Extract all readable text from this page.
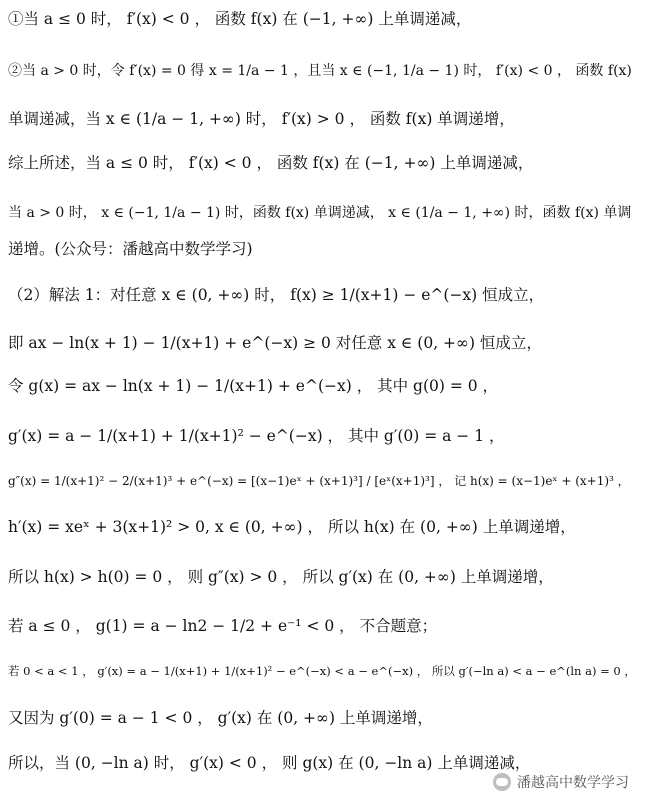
①当 a ≤ 0 时， f′(x) < 0 ， 函数 f(x) 在 (−1, +∞) 上单调递减，
②当 a > 0 时，令 f′(x) = 0 得 x = 1/a − 1 ，且当 x ∈ (−1, 1/a − 1) 时， f′(x) < 0 ， 函数 f(x)
单调递减，当 x ∈ (1/a − 1, +∞) 时， f′(x) > 0 ， 函数 f(x) 单调递增，
综上所述，当 a ≤ 0 时， f′(x) < 0 ， 函数 f(x) 在 (−1, +∞) 上单调递减，
当 a > 0 时， x ∈ (−1, 1/a − 1) 时，函数 f(x) 单调递减， x ∈ (1/a − 1, +∞) 时，函数 f(x) 单调
递增。(公众号：潘越高中数学学习)
（2）解法 1：对任意 x ∈ (0, +∞) 时， f(x) ≥ 1/(x+1) − e^(−x) 恒成立，
即 ax − ln(x + 1) − 1/(x+1) + e^(−x) ≥ 0 对任意 x ∈ (0, +∞) 恒成立，
令 g(x) = ax − ln(x + 1) − 1/(x+1) + e^(−x) ， 其中 g(0) = 0 ，
g′(x) = a − 1/(x+1) + 1/(x+1)² − e^(−x) ， 其中 g′(0) = a − 1 ，
g″(x) = 1/(x+1)² − 2/(x+1)³ + e^(−x) = [(x−1)eˣ + (x+1)³] / [eˣ(x+1)³] ， 记 h(x) = (x−1)eˣ + (x+1)³ ，
h′(x) = xeˣ + 3(x+1)² > 0, x ∈ (0, +∞) ， 所以 h(x) 在 (0, +∞) 上单调递增，
所以 h(x) > h(0) = 0 ， 则 g″(x) > 0 ， 所以 g′(x) 在 (0, +∞) 上单调递增，
若 a ≤ 0 ， g(1) = a − ln2 − 1/2 + e⁻¹ < 0 ， 不合题意；
若 0 < a < 1 ， g′(x) = a − 1/(x+1) + 1/(x+1)² − e^(−x) < a − e^(−x) ， 所以 g′(−ln a) < a − e^(ln a) = 0 ，
又因为 g′(0) = a − 1 < 0 ， g′(x) 在 (0, +∞) 上单调递增，
所以，当 (0, −ln a) 时， g′(x) < 0 ， 则 g(x) 在 (0, −ln a) 上单调递减，
潘越高中数学学习
